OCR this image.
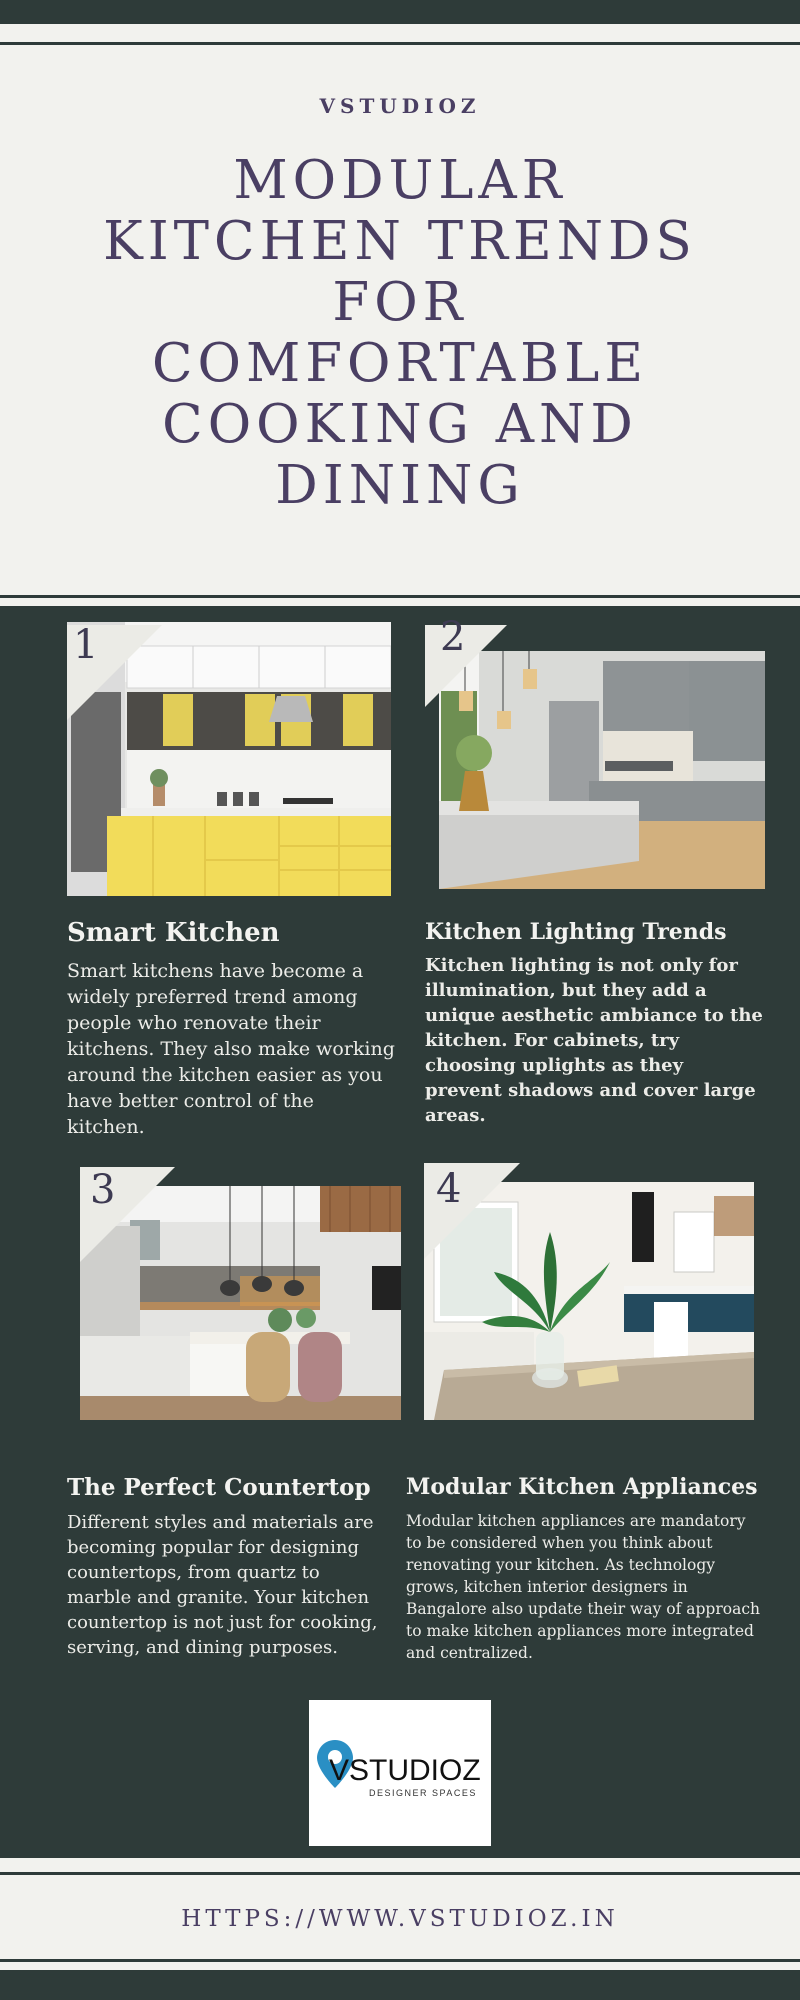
VSTUDIOZ
MODULAR
KITCHEN TRENDS
FOR
COMFORTABLE
COOKING AND
DINING
1
Smart Kitchen
Smart kitchens have become a widely preferred trend among people who renovate their kitchens. They also make working around the kitchen easier as you have better control of the kitchen.
2
Kitchen Lighting Trends
Kitchen lighting is not only for illumination, but they add a unique aesthetic ambiance to the kitchen. For cabinets, try choosing uplights as they prevent shadows and cover large areas.
3
The Perfect Countertop
Different styles and materials are becoming popular for designing countertops, from quartz to marble and granite. Your kitchen countertop is not just for cooking, serving, and dining purposes.
4
Modular Kitchen Appliances
Modular kitchen appliances are mandatory to be considered when you think about renovating your kitchen. As technology grows, kitchen interior designers in Bangalore also update their way of approach to make kitchen appliances more integrated and centralized.
VSTUDIOZ
DESIGNER SPACES
HTTPS://WWW.VSTUDIOZ.IN
